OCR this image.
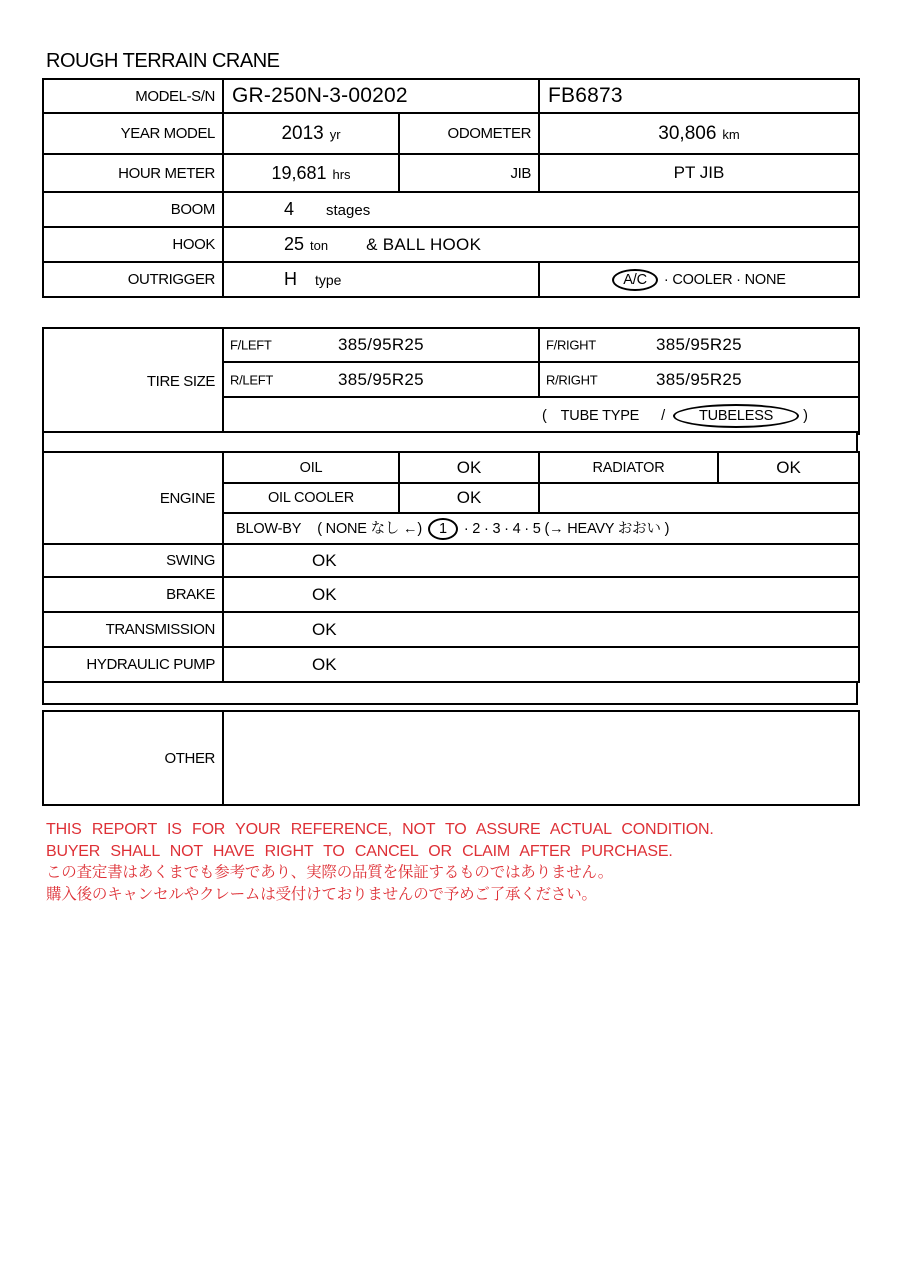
ROUGH TERRAIN CRANE
MODEL-S/N	GR-250N-3-00202		FB6873
YEAR MODEL	2013 yr	ODOMETER	30,806 km
HOUR METER	19,681 hrs	JIB	PT JIB
BOOM	4 stages		
HOOK	25 ton & BALL HOOK		
OUTRIGGER	H type		A/C · COOLER · NONE
TIRE SIZE	F/LEFT 385/95R25	F/RIGHT 385/95R25

	R/LEFT 385/95R25	R/RIGHT 385/95R25

	( TUBE TYPE / TUBELESS )	
ENGINE	OIL	OK	RADIATOR	OK
	OIL COOLER	OK		
	BLOW-BY ( NONE なし ←) 1 · 2 · 3 · 4 · 5 (→ HEAVY おおい )			
SWING	OK			
BRAKE	OK			
TRANSMISSION	OK			
HYDRAULIC PUMP	OK			
OTHER	
THIS REPORT IS FOR YOUR REFERENCE, NOT TO ASSURE ACTUAL CONDITION.
BUYER SHALL NOT HAVE RIGHT TO CANCEL OR CLAIM AFTER PURCHASE.
この査定書はあくまでも参考であり、実際の品質を保証するものではありません。
購入後のキャンセルやクレームは受付けておりませんので予めご了承ください。
